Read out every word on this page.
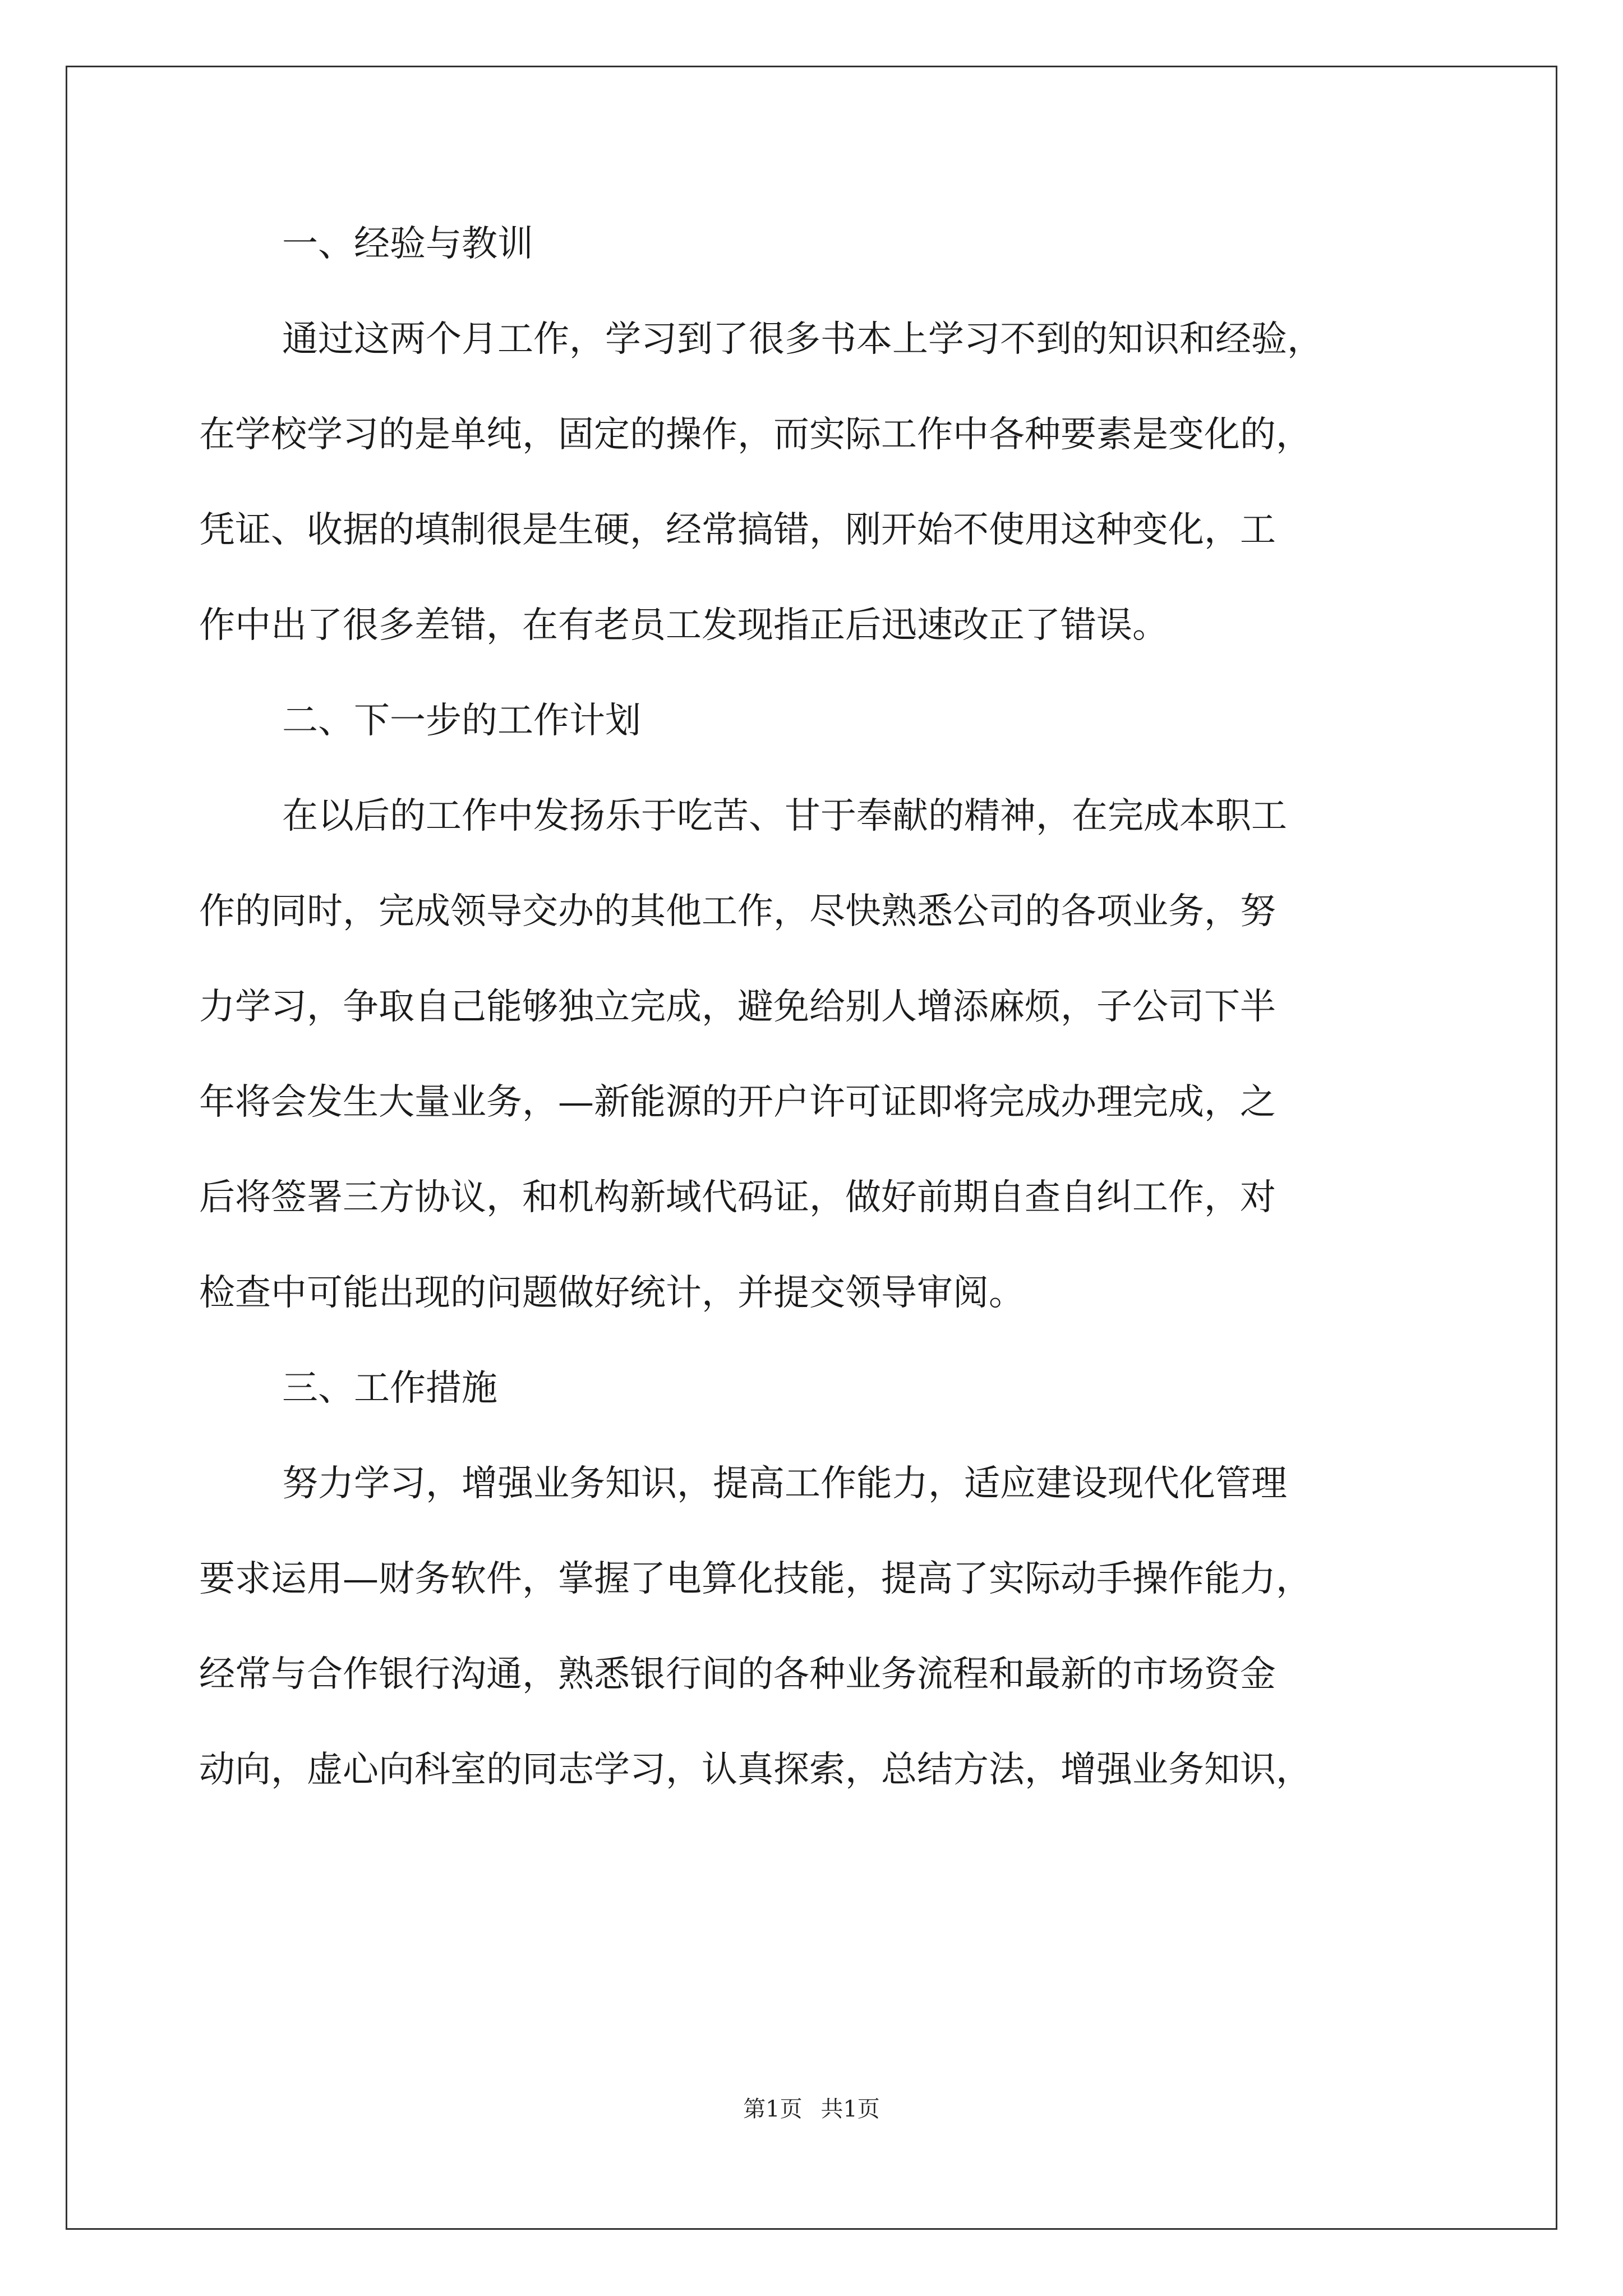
一、经验与教训
通过这两个月工作，学习到了很多书本上学习不到的知识和经验，
在学校学习的是单纯，固定的操作，而实际工作中各种要素是变化的，
凭证、收据的填制很是生硬，经常搞错，刚开始不使用这种变化，工
作中出了很多差错，在有老员工发现指正后迅速改正了错误。
二、下一步的工作计划
在以后的工作中发扬乐于吃苦、甘于奉献的精神，在完成本职工
作的同时，完成领导交办的其他工作，尽快熟悉公司的各项业务，努
力学习，争取自己能够独立完成，避免给别人增添麻烦，子公司下半
年将会发生大量业务，—新能源的开户许可证即将完成办理完成，之
后将签署三方协议，和机构新域代码证，做好前期自查自纠工作，对
检查中可能出现的问题做好统计，并提交领导审阅。
三、工作措施
努力学习，增强业务知识，提高工作能力，适应建设现代化管理
要求运用—财务软件，掌握了电算化技能，提高了实际动手操作能力，
经常与合作银行沟通，熟悉银行间的各种业务流程和最新的市场资金
动向，虚心向科室的同志学习，认真探索，总结方法，增强业务知识，
第1页 共1页
